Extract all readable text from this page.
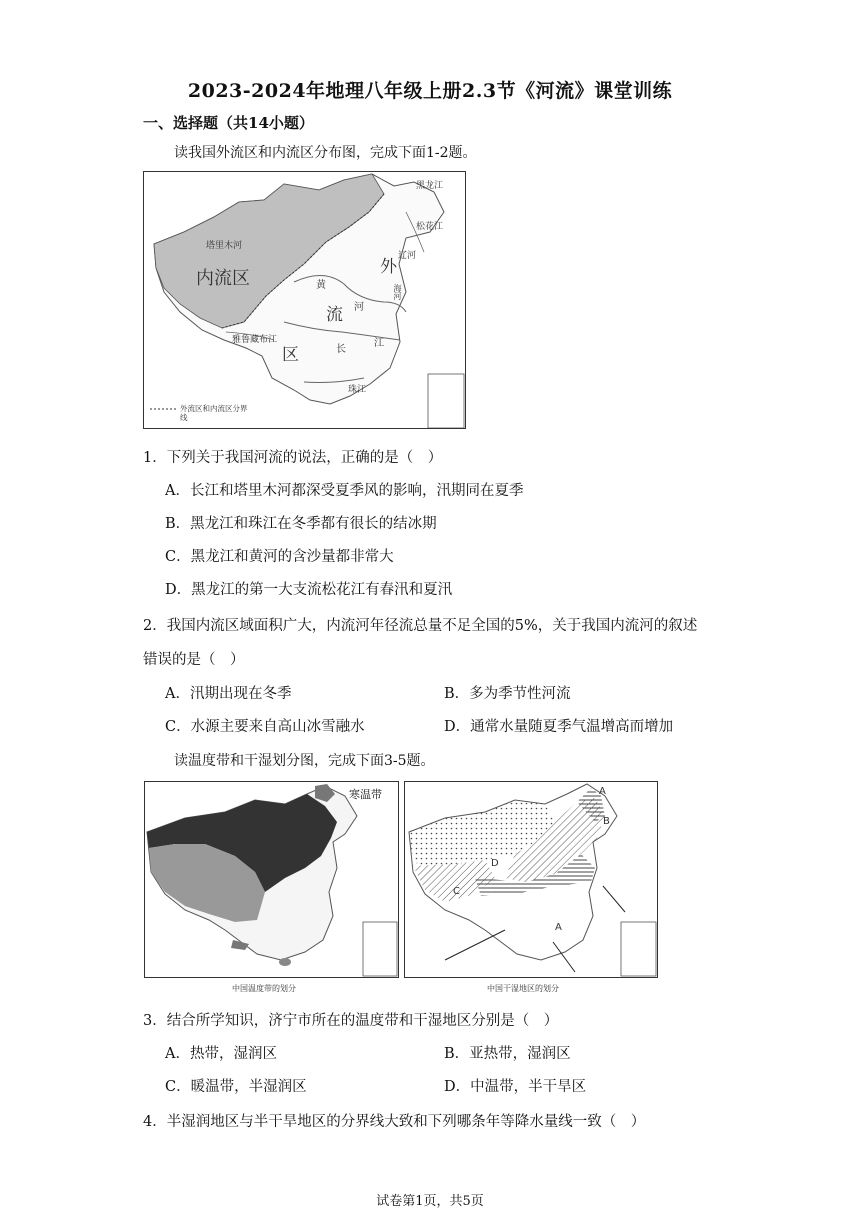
2023-2024年地理八年级上册2.3节《河流》课堂训练
一、选择题（共14小题）
读我国外流区和内流区分布图，完成下面1-2题。
黑龙江
松花江
辽河
塔里木河
内流区
外
流
区
黄
河
海河
雅鲁藏布江
长
江
珠江
外流区和内流区分界线
1．下列关于我国河流的说法，正确的是（　）
A．长江和塔里木河都深受夏季风的影响，汛期同在夏季
B．黑龙江和珠江在冬季都有很长的结冰期
C．黑龙江和黄河的含沙量都非常大
D．黑龙江的第一大支流松花江有春汛和夏汛
2．我国内流区域面积广大，内流河年径流总量不足全国的5%，关于我国内流河的叙述
错误的是（　）
A．汛期出现在冬季	B．多为季节性河流
C．水源主要来自高山冰雪融水	D．通常水量随夏季气温增高而增加
读温度带和干湿划分图，完成下面3-5题。
寒温带
中国温度带的划分
A
B
C
D
A
中国干湿地区的划分
3．结合所学知识，济宁市所在的温度带和干湿地区分别是（　）
A．热带，湿润区	B．亚热带，湿润区
C．暖温带，半湿润区	D．中温带，半干旱区
4．半湿润地区与半干旱地区的分界线大致和下列哪条年等降水量线一致（　）
试卷第1页，共5页
